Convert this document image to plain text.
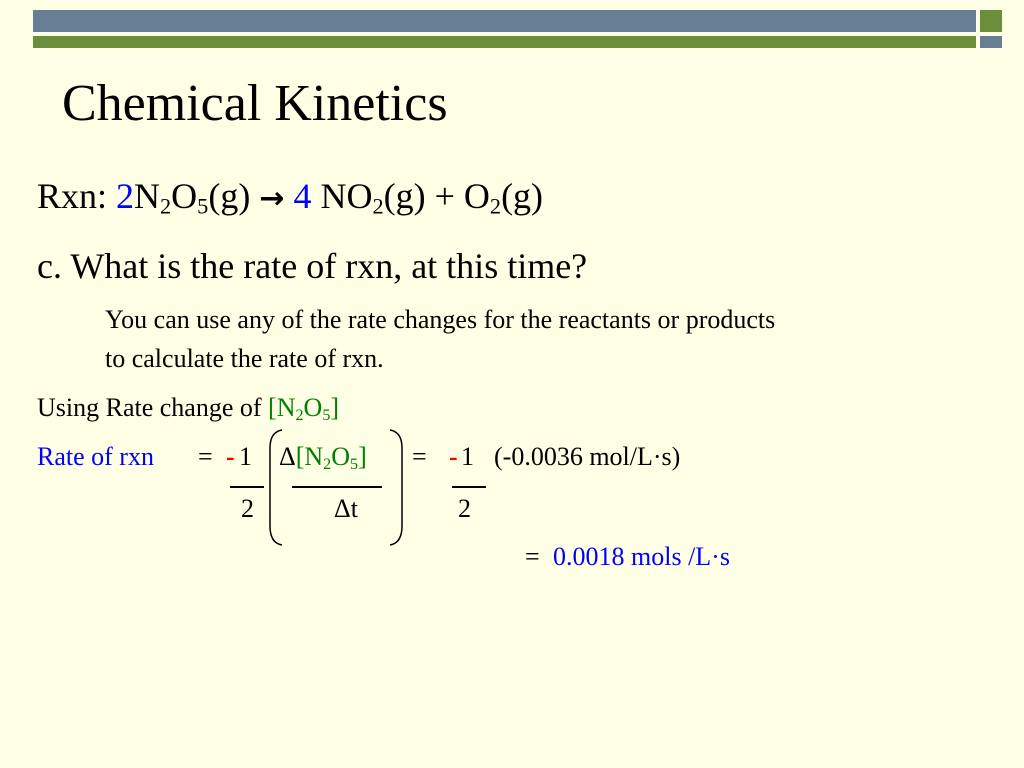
Chemical Kinetics
Rxn: $2N_2O_5(g) \to 4$ $NO_2(g) + O_2(g)$
c. What is the rate of rxn, at this time?
You can use any of the rate changes for the reactants or products
to calculate the rate of rxn.
Using Rate change of $[N_2O_5]$
Rate of rxn = - 1 $\Delta[N_2O_5]$ = - 1 (-0.0036 mol/L·s)
2	Δt	2
= 0.0018 mols /L·s
